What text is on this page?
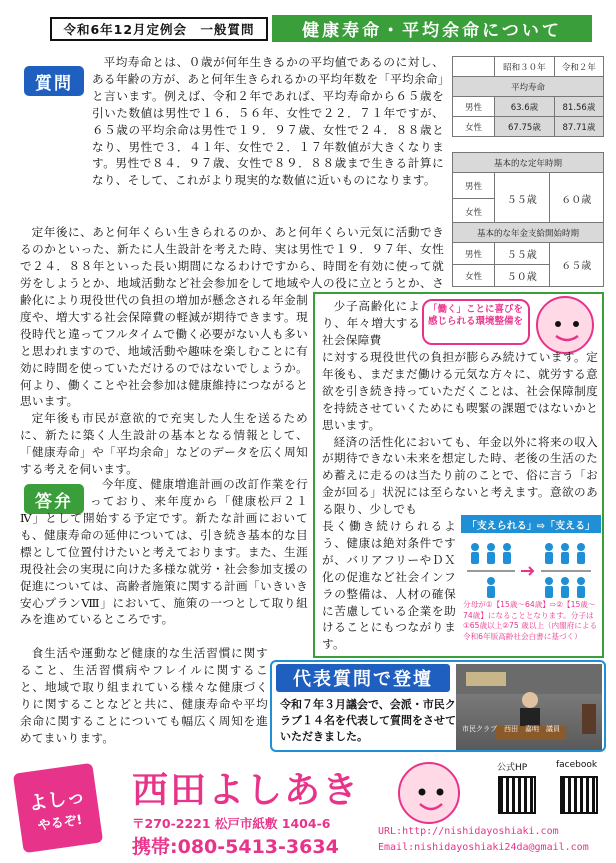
令和6年12月定例会　一般質問	健康寿命・平均余命について
質問

平均寿命とは、０歳が何年生きるかの平均値であるのに対し、ある年齢の方が、あと何年生きられるかの平均年数を「平均余命」と言います。例えば、令和２年であれば、平均寿命から６５歳を引いた数値は男性で１６．５６年、女性で２２．７１年ですが、６５歳の平均余命は男性で１９．９７歳、女性で２４．８８歳となり、男性で３．４１年、女性で２．１７年数値が大きくなります。男性で８４．９７歳、女性で８９．８８歳まで生きる計算になり、そして、これがより現実的な数値に近いものになります。

定年後に、あと何年くらい生きられるのか、あと何年くらい元気に活動できるのかといった、新たに人生設計を考えた時、実は男性で１９．９７年、女性で２４．８８年といった長い期間になるわけですから、時間を有効に使って就労をしようとか、地域活動など社会参加をして地域や人の役に立とうとか、さ

齢化により現役世代の負担の増加が懸念される年金制度や、増大する社会保障費の軽減が期待できます。現役時代と違ってフルタイムで働く必要がない人も多いと思われますので、地域活動や趣味を楽しむことに有効に時間を使っていただけるのではないでしょうか。何より、働くことや社会参加は健康維持につながると思います。

定年後も市民が意欲的で充実した人生を送るために、新たに築く人生設計の基本となる情報として、「健康寿命」や「平均余命」などのデータを広く周知する考えを伺います。

	昭和３０年	令和２年
平均寿命		
男性	63.6歳	81.56歳
女性	67.75歳	87.71歳
基本的な定年時期
男性	５５歳	６０歳
女性
基本的な年金支給開始時期		
男性	５５歳	６５歳
女性	５０歳	
答弁

今年度、健康増進計画の改訂作業を行っており、来年度から「健康松戸２１

Ⅳ」として開始する予定です。新たな計画においても、健康寿命の延伸については、引き続き基本的な目標として位置付けたいと考えております。また、生涯現役社会の実現に向けた多様な就労・社会参加支援の促進については、高齢者施策に関する計画「いきいき安心プランⅧ」において、施策の一つとして取り組みを進めているところです。

食生活や運動など健康的な生活習慣に関すること、生活習慣病やフレイルに関すること、地域で取り組まれている様々な健康づくりに関することなどと共に、健康寿命や平均余命に関することについても幅広く周知を進めてまいります。

少子高齢化により、年々増大する社会保障費

「働く」ことに喜びを感じられる環境整備を

に対する現役世代の負担が膨らみ続けています。定年後も、まだまだ働ける元気な方々に、就労する意欲を引き続き持っていただくことは、社会保障制度を持続させていくためにも喫緊の課題ではないかと思います。

経済の活性化においても、年金以外に将来の収入が期待できない未来を想定した時、老後の生活のため蓄えに走るのは当たり前のことで、俗に言う「お金が回る」状況には至らないと考えます。意欲のある限り、少しでも

長く働き続けられるよう、健康は絶対条件ですが、バリアフリーやＤＸ化の促進など社会インフラの整備は、人材の確保に苦慮している企業を助けることにもつながります。

「支えられる」⇨「支える」
分母が①【15歳〜64歳】⇨②【15歳〜74歳】になることとなります。分子は①65歳以上②75 歳以上（内閣府による令和6年版高齢社会白書に基づく）
代表質問で登壇
令和７年３月議会で、会派・市民クラブ１４名を代表して質問をさせていただきました。
市民クラブ　西田　嘉明　議員
よしっ
やるぞ!
西田よしあき
〒270-2221 松戸市紙敷 1404-6
携帯:080-5413-3634
URL:http://nishidayoshiaki.com
Email:nishidayoshiaki24da@gmail.com
公式HP	facebook
